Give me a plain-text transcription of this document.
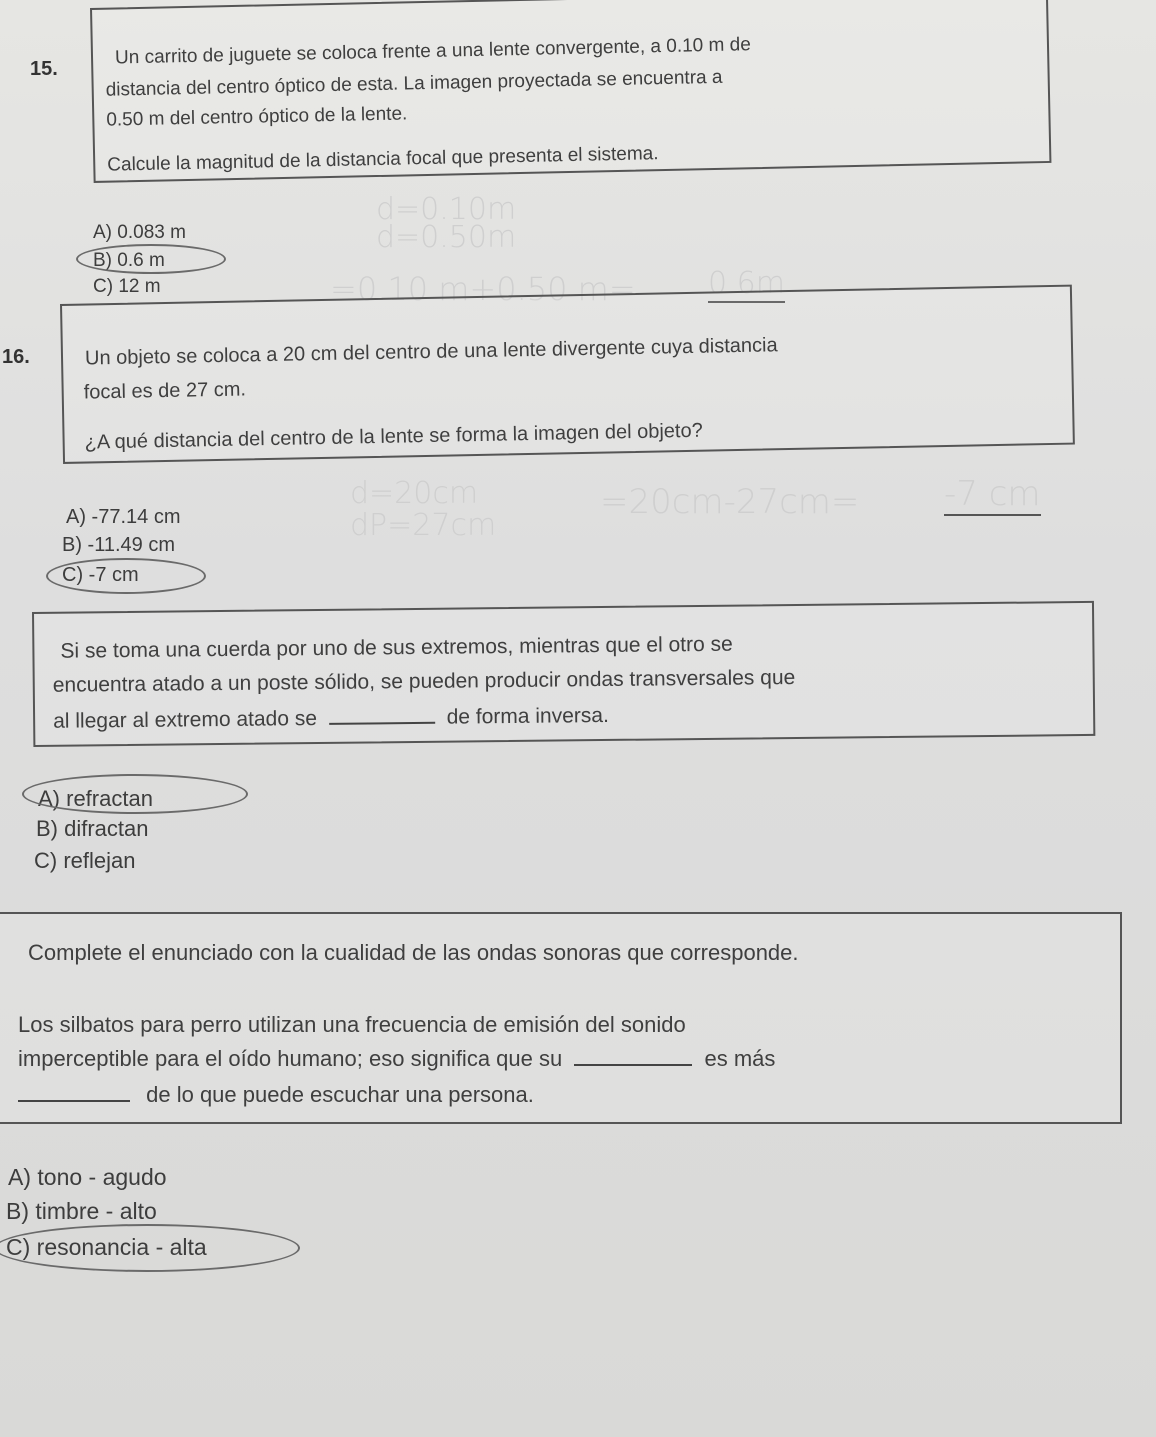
15.
Un carrito de juguete se coloca frente a una lente convergente, a 0.10 m de
distancia del centro óptico de esta. La imagen proyectada se encuentra a
0.50 m del centro óptico de la lente.
Calcule la magnitud de la distancia focal que presenta el sistema.
A) 0.083 m
B) 0.6 m
C) 12 m
d=0.10m
d=0.50m
=0.10 m+0.50 m= 0.6m
16.	Un objeto se coloca a 20 cm del centro de una lente divergente cuya distancia
focal es de 27 cm.
¿A qué distancia del centro de la lente se forma la imagen del objeto?
A) -77.14 cm
B) -11.49 cm
C) -7 cm
d=20cm
dP=27cm
=20cm-27cm= -7 cm
Si se toma una cuerda por uno de sus extremos, mientras que el otro se
encuentra atado a un poste sólido, se pueden producir ondas transversales que
al llegar al extremo atado se	de forma inversa.
A) refractan
B) difractan
C) reflejan
Complete el enunciado con la cualidad de las ondas sonoras que corresponde.
Los silbatos para perro utilizan una frecuencia de emisión del sonido
imperceptible para el oído humano; eso significa que su	es más
de lo que puede escuchar una persona.
A) tono - agudo
B) timbre - alto
C) resonancia - alta
